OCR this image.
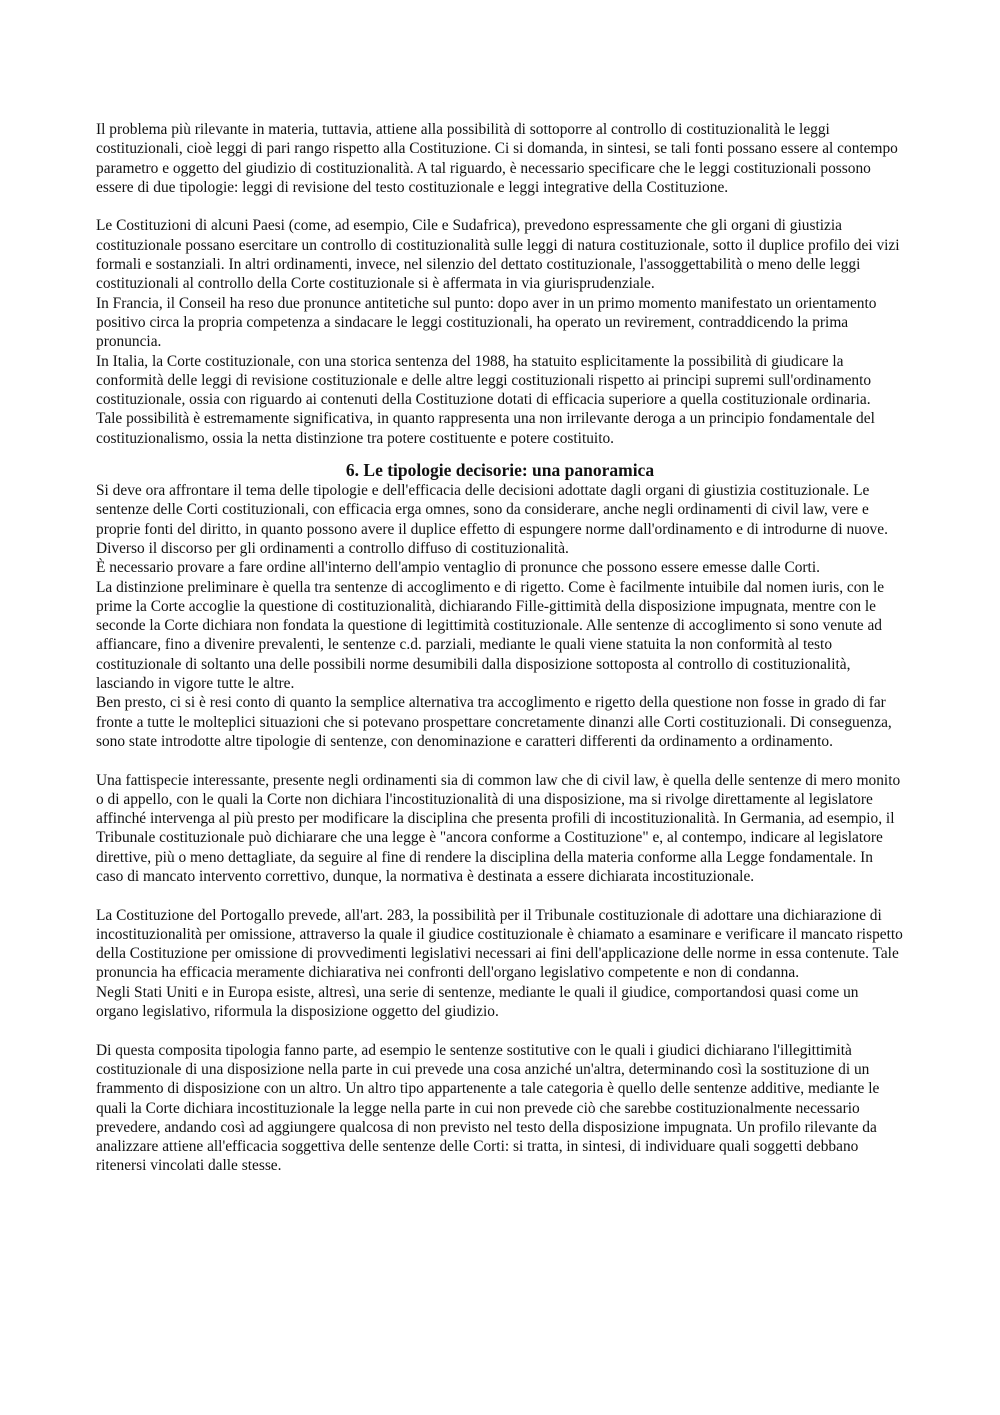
Il problema più rilevante in materia, tuttavia, attiene alla possibilità di sottoporre al controllo di costituzionalità le leggi costituzionali, cioè leggi di pari rango rispetto alla Costituzione. Ci si domanda, in sintesi, se tali fonti possano essere al contempo parametro e oggetto del giudizio di costituzionalità. A tal riguardo, è necessario specificare che le leggi costituzionali possono essere di due tipologie: leggi di revisione del testo costituzionale e leggi integrative della Costituzione.

Le Costituzioni di alcuni Paesi (come, ad esempio, Cile e Sudafrica), prevedono espressamente che gli organi di giustizia costituzionale possano esercitare un controllo di costituzionalità sulle leggi di natura costituzionale, sotto il duplice profilo dei vizi formali e sostanziali. In altri ordinamenti, invece, nel silenzio del dettato costituzionale, l'assoggettabilità o meno delle leggi costituzionali al controllo della Corte costituzionale si è affermata in via giurisprudenziale.

In Francia, il Conseil ha reso due pronunce antitetiche sul punto: dopo aver in un primo momento manifestato un orientamento positivo circa la propria competenza a sindacare le leggi costituzionali, ha operato un revirement, contraddicendo la prima pronuncia.

In Italia, la Corte costituzionale, con una storica sentenza del 1988, ha statuito esplicitamente la possibilità di giudicare la conformità delle leggi di revisione costituzionale e delle altre leggi costituzionali rispetto ai principi supremi sull'ordinamento costituzionale, ossia con riguardo ai contenuti della Costituzione dotati di efficacia superiore a quella costituzionale ordinaria.

Tale possibilità è estremamente significativa, in quanto rappresenta una non irrilevante deroga a un principio fondamentale del costituzionalismo, ossia la netta distinzione tra potere costituente e potere costituito.

6. Le tipologie decisorie: una panoramica

Si deve ora affrontare il tema delle tipologie e dell'efficacia delle decisioni adottate dagli organi di giustizia costituzionale. Le sentenze delle Corti costituzionali, con efficacia erga omnes, sono da considerare, anche negli ordinamenti di civil law, vere e proprie fonti del diritto, in quanto possono avere il duplice effetto di espungere norme dall'ordinamento e di introdurne di nuove. Diverso il discorso per gli ordinamenti a controllo diffuso di costituzionalità.

È necessario provare a fare ordine all'interno dell'ampio ventaglio di pronunce che possono essere emesse dalle Corti.

La distinzione preliminare è quella tra sentenze di accoglimento e di rigetto. Come è facilmente intuibile dal nomen iuris, con le prime la Corte accoglie la questione di costituzionalità, dichiarando Fille-gittimità della disposizione impugnata, mentre con le seconde la Corte dichiara non fondata la questione di legittimità costituzionale. Alle sentenze di accoglimento si sono venute ad affiancare, fino a divenire prevalenti, le sentenze c.d. parziali, mediante le quali viene statuita la non conformità al testo costituzionale di soltanto una delle possibili norme desumibili dalla disposizione sottoposta al controllo di costituzionalità, lasciando in vigore tutte le altre.

Ben presto, ci si è resi conto di quanto la semplice alternativa tra accoglimento e rigetto della questione non fosse in grado di far fronte a tutte le molteplici situazioni che si potevano prospettare concretamente dinanzi alle Corti costituzionali. Di conseguenza, sono state introdotte altre tipologie di sentenze, con denominazione e caratteri differenti da ordinamento a ordinamento.

Una fattispecie interessante, presente negli ordinamenti sia di common law che di civil law, è quella delle sentenze di mero monito o di appello, con le quali la Corte non dichiara l'incostituzionalità di una disposizione, ma si rivolge direttamente al legislatore affinché intervenga al più presto per modificare la disciplina che presenta profili di incostituzionalità. In Germania, ad esempio, il Tribunale costituzionale può dichiarare che una legge è "ancora conforme a Costituzione" e, al contempo, indicare al legislatore direttive, più o meno dettagliate, da seguire al fine di rendere la disciplina della materia conforme alla Legge fondamentale. In caso di mancato intervento correttivo, dunque, la normativa è destinata a essere dichiarata incostituzionale.

La Costituzione del Portogallo prevede, all'art. 283, la possibilità per il Tribunale costituzionale di adottare una dichiarazione di incostituzionalità per omissione, attraverso la quale il giudice costituzionale è chiamato a esaminare e verificare il mancato rispetto della Costituzione per omissione di provvedimenti legislativi necessari ai fini dell'applicazione delle norme in essa contenute. Tale pronuncia ha efficacia meramente dichiarativa nei confronti dell'organo legislativo competente e non di condanna.

Negli Stati Uniti e in Europa esiste, altresì, una serie di sentenze, mediante le quali il giudice, comportandosi quasi come un organo legislativo, riformula la disposizione oggetto del giudizio.

Di questa composita tipologia fanno parte, ad esempio le sentenze sostitutive con le quali i giudici dichiarano l'illegittimità costituzionale di una disposizione nella parte in cui prevede una cosa anziché un'altra, determinando così la sostituzione di un frammento di disposizione con un altro. Un altro tipo appartenente a tale categoria è quello delle sentenze additive, mediante le quali la Corte dichiara incostituzionale la legge nella parte in cui non prevede ciò che sarebbe costituzionalmente necessario prevedere, andando così ad aggiungere qualcosa di non previsto nel testo della disposizione impugnata. Un profilo rilevante da analizzare attiene all'efficacia soggettiva delle sentenze delle Corti: si tratta, in sintesi, di individuare quali soggetti debbano ritenersi vincolati dalle stesse.
